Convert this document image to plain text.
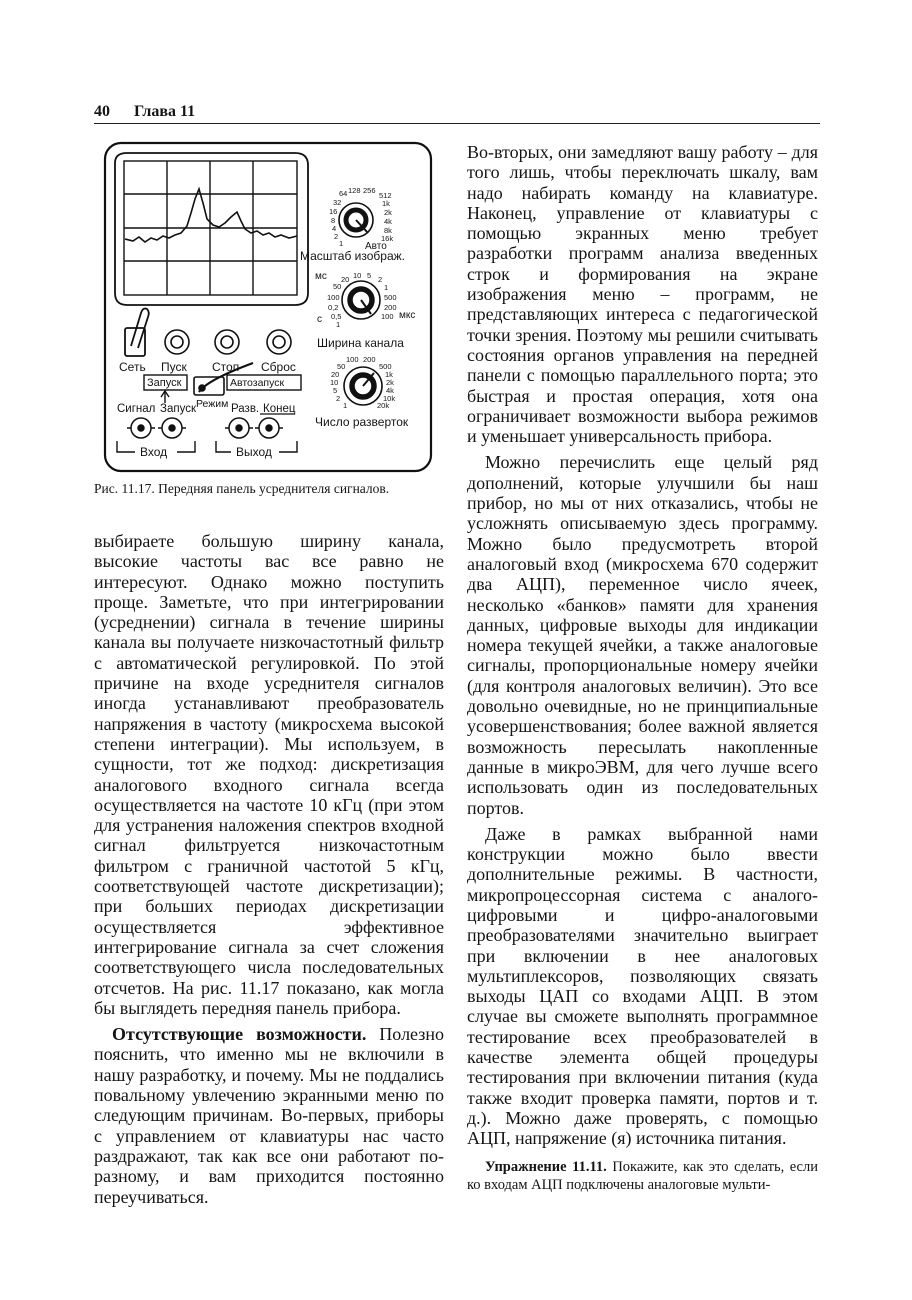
40 Глава 11
64 128 256
512
32	1k
16	2k
8	4k
4	8k
2	16k
1 Авто
Масштаб изображ.
мс
мкс
20 10 5 2
50	1
100	500
0,2	200
0,5	100
1
c
Ширина канала
100 200
50	500
20	1k
10	2k
5	4k
2	10k
1	20k
Число разверток
Сеть Пуск Стоп Сброс
Запуск	Автозапуск
Режим
Сигнал Запуск	Разв. Конец
Вход	Выход
Рис. 11.17. Передняя панель усреднителя сигналов.

выбираете большую ширину канала, высокие частоты вас все равно не интересуют. Однако можно поступить проще. Заметьте, что при интегрировании (усреднении) сигнала в течение ширины канала вы получаете низкочастотный фильтр с автоматической регулировкой. По этой причине на входе усреднителя сигналов иногда устанавливают преобразователь напряжения в частоту (микросхема высокой степени интеграции). Мы используем, в сущности, тот же подход: дискретизация аналогового входного сигнала всегда осуществляется на частоте 10 кГц (при этом для устранения наложения спектров входной сигнал фильтруется низкочастотным фильтром с граничной частотой 5 кГц, соответствующей частоте дискретизации); при больших периодах дискретизации осуществляется эффективное интегрирование сигнала за счет сложения соответствующего числа последовательных отсчетов. На рис. 11.17 показано, как могла бы выглядеть передняя панель прибора.

Отсутствующие возможности. Полезно пояснить, что именно мы не включили в нашу разработку, и почему. Мы не поддались повальному увлечению экранными меню по следующим причинам. Во-первых, приборы с управлением от клавиатуры нас часто раздражают, так как все они работают по-разному, и вам приходится постоянно переучиваться.

Во-вторых, они замедляют вашу работу – для того лишь, чтобы переключать шкалу, вам надо набирать команду на клавиатуре. Наконец, управление от клавиатуры с помощью экранных меню требует разработки программ анализа введенных строк и формирования на экране изображения меню – программ, не представляющих интереса с педагогической точки зрения. Поэтому мы решили считывать состояния органов управления на передней панели с помощью параллельного порта; это быстрая и простая операция, хотя она ограничивает возможности выбора режимов и уменьшает универсальность прибора.

Можно перечислить еще целый ряд дополнений, которые улучшили бы наш прибор, но мы от них отказались, чтобы не усложнять описываемую здесь программу. Можно было предусмотреть второй аналоговый вход (микросхема 670 содержит два АЦП), переменное число ячеек, несколько «банков» памяти для хранения данных, цифровые выходы для индикации номера текущей ячейки, а также аналоговые сигналы, пропорциональные номеру ячейки (для контроля аналоговых величин). Это все довольно очевидные, но не принципиальные усовершенствования; более важной является возможность пересылать накопленные данные в микроЭВМ, для чего лучше всего использовать один из последовательных портов.

Даже в рамках выбранной нами конструкции можно было ввести дополнительные режимы. В частности, микропроцессорная система с аналого-цифровыми и цифро-аналоговыми преобразователями значительно выиграет при включении в нее аналоговых мультиплексоров, позволяющих связать выходы ЦАП со входами АЦП. В этом случае вы сможете выполнять программное тестирование всех преобразователей в качестве элемента общей процедуры тестирования при включении питания (куда также входит проверка памяти, портов и т. д.). Можно даже проверять, с помощью АЦП, напряжение (я) источника питания.

Упражнение 11.11. Покажите, как это сделать, если ко входам АЦП подключены аналоговые мульти-
